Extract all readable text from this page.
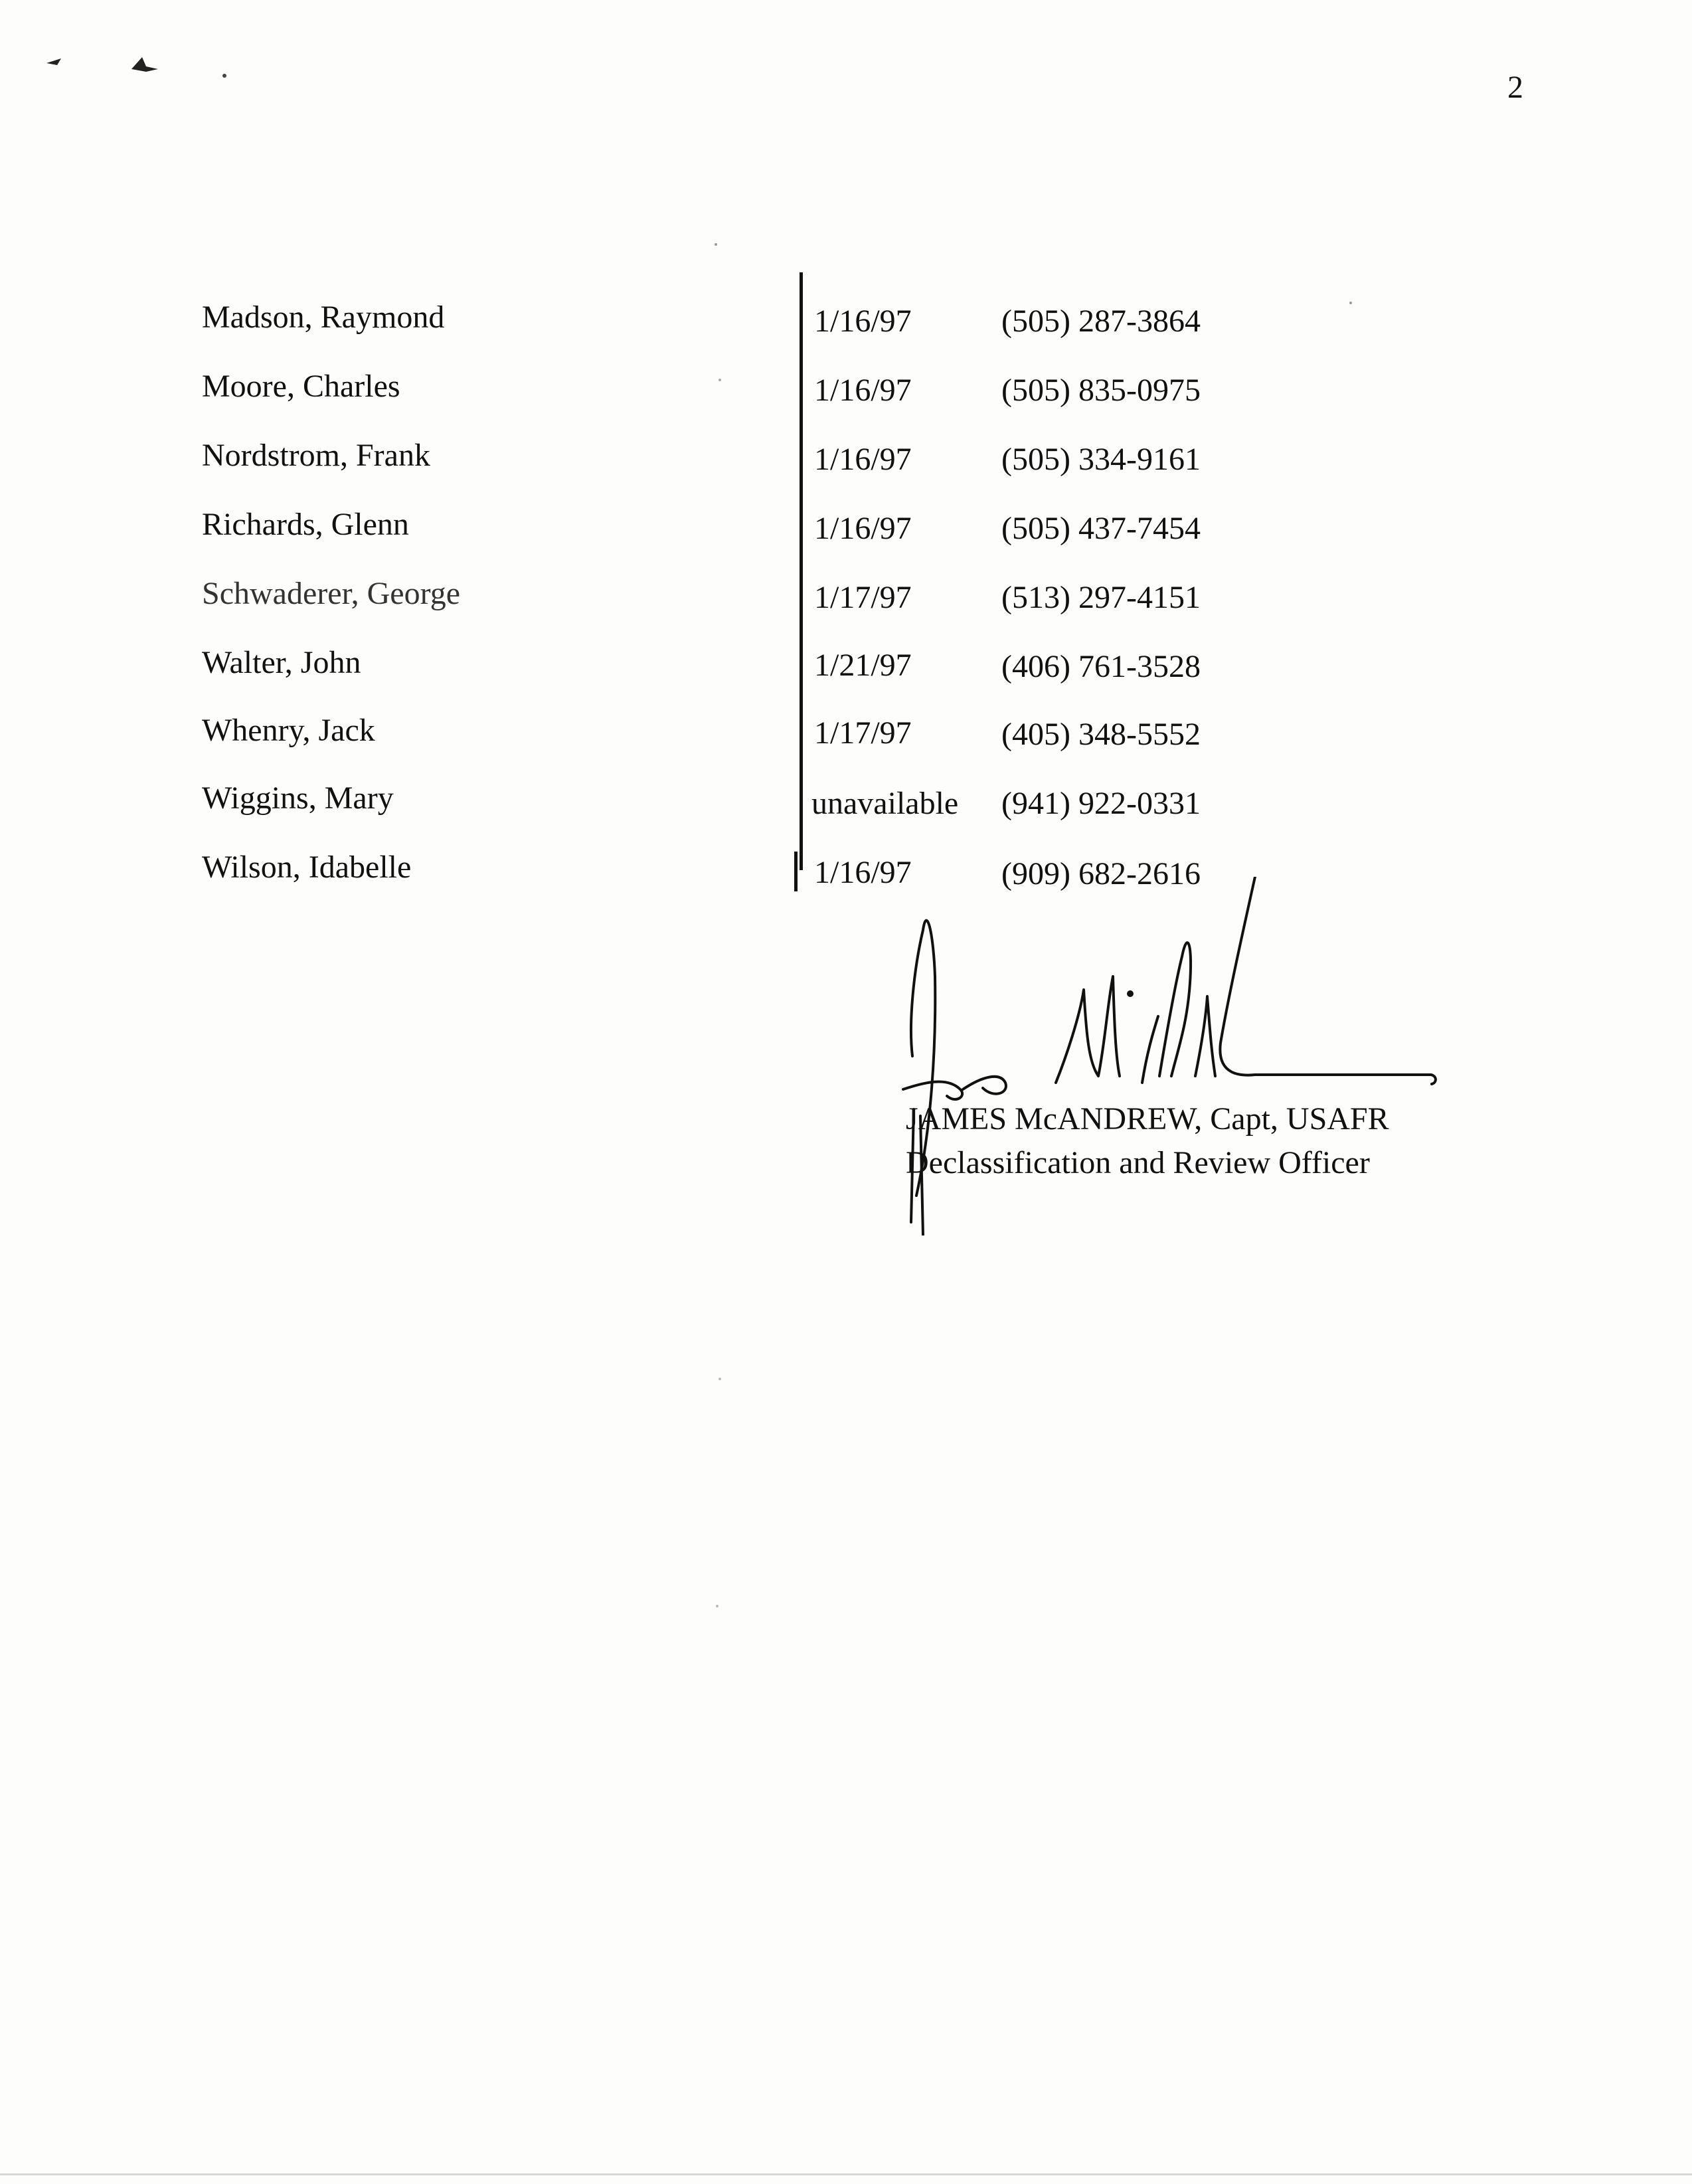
2
Madson, Raymond	1/16/97	(505) 287-3864
Moore, Charles	1/16/97	(505) 835-0975
Nordstrom, Frank	1/16/97	(505) 334-9161
Richards, Glenn	1/16/97	(505) 437-7454
Schwaderer, George	1/17/97	(513) 297-4151
Walter, John	1/21/97	(406) 761-3528
Whenry, Jack	1/17/97	(405) 348-5552
Wiggins, Mary	unavailable (941) 922-0331
Wilson, Idabelle	1/16/97	(909) 682-2616
JAMES McANDREW, Capt, USAFR
Declassification and Review Officer
